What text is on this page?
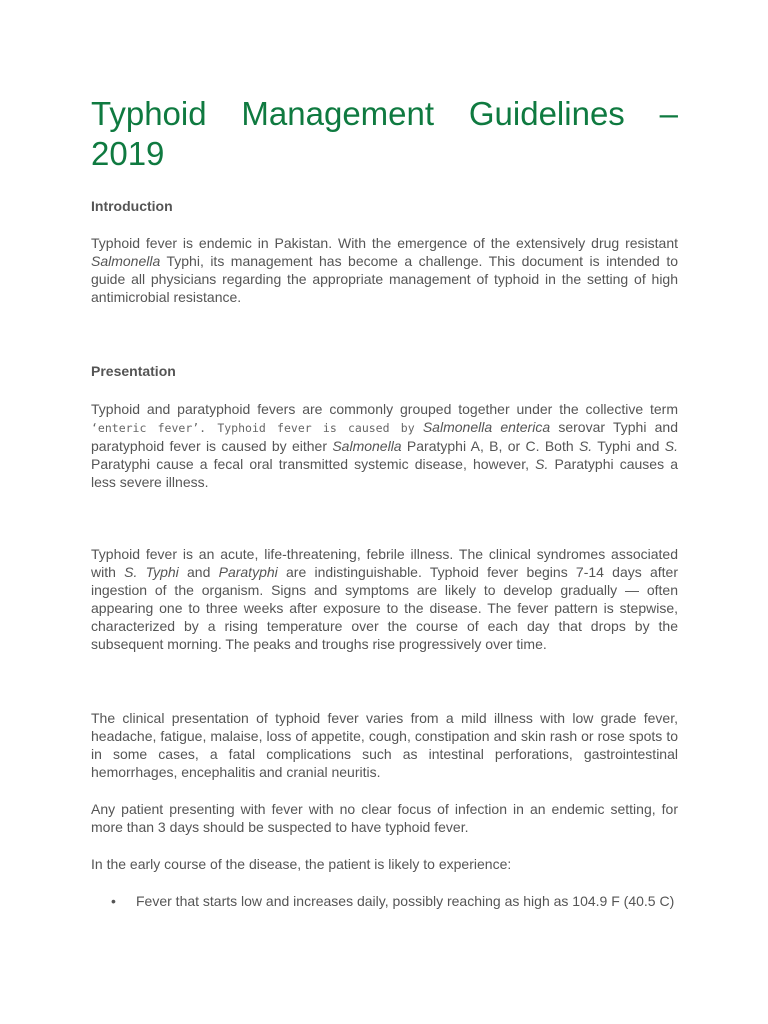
Typhoid Management Guidelines –
2019
Introduction

Typhoid fever is endemic in Pakistan. With the emergence of the extensively drug resistant Salmonella Typhi, its management has become a challenge. This document is intended to guide all physicians regarding the appropriate management of typhoid in the setting of high antimicrobial resistance.

Presentation

Typhoid and paratyphoid fevers are commonly grouped together under the collective term ‘enteric fever’. Typhoid fever is caused by Salmonella enterica serovar Typhi and paratyphoid fever is caused by either Salmonella Paratyphi A, B, or C. Both S. Typhi and S. Paratyphi cause a fecal oral transmitted systemic disease, however, S. Paratyphi causes a less severe illness.

Typhoid fever is an acute, life-threatening, febrile illness. The clinical syndromes associated with S. Typhi and Paratyphi are indistinguishable. Typhoid fever begins 7-14 days after ingestion of the organism. Signs and symptoms are likely to develop gradually — often appearing one to three weeks after exposure to the disease. The fever pattern is stepwise, characterized by a rising temperature over the course of each day that drops by the subsequent morning. The peaks and troughs rise progressively over time.

The clinical presentation of typhoid fever varies from a mild illness with low grade fever, headache, fatigue, malaise, loss of appetite, cough, constipation and skin rash or rose spots to in some cases, a fatal complications such as intestinal perforations, gastrointestinal hemorrhages, encephalitis and cranial neuritis.

Any patient presenting with fever with no clear focus of infection in an endemic setting, for more than 3 days should be suspected to have typhoid fever.

In the early course of the disease, the patient is likely to experience:

• Fever that starts low and increases daily, possibly reaching as high as 104.9 F (40.5 C)
